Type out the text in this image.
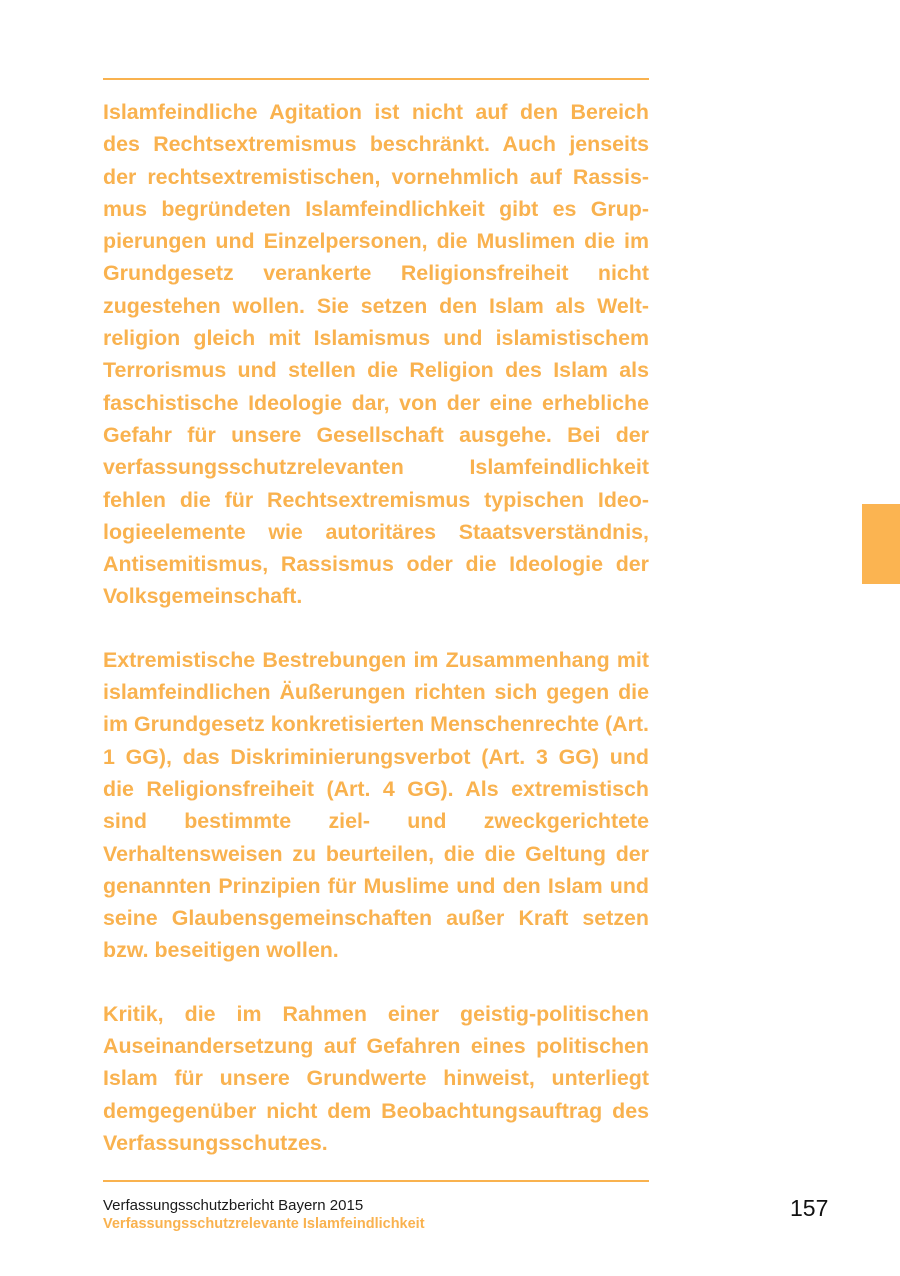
Islamfeindliche Agitation ist nicht auf den Bereich des Rechtsextremismus beschränkt. Auch jenseits der rechtsextremistischen, vornehmlich auf Rassismus begründeten Islamfeindlichkeit gibt es Gruppierungen und Einzelpersonen, die Muslimen die im Grundgesetz verankerte Religionsfreiheit nicht zugestehen wollen. Sie setzen den Islam als Weltreligion gleich mit Islamismus und islamistischem Terrorismus und stellen die Religion des Islam als faschistische Ideologie dar, von der eine erhebliche Gefahr für unsere Gesellschaft ausgehe. Bei der verfassungsschutzrelevanten Islamfeindlichkeit fehlen die für Rechtsextremismus typischen Ideologieelemente wie autoritäres Staatsverständnis, Antisemitismus, Rassismus oder die Ideologie der Volksgemeinschaft.

Extremistische Bestrebungen im Zusammenhang mit islamfeindlichen Äußerungen richten sich gegen die im Grundgesetz konkretisierten Menschenrechte (Art. 1 GG), das Diskriminierungsverbot (Art. 3 GG) und die Religionsfreiheit (Art. 4 GG). Als extremistisch sind bestimmte ziel- und zweckgerichtete Verhaltensweisen zu beurteilen, die die Geltung der genannten Prinzipien für Muslime und den Islam und seine Glaubensgemeinschaften außer Kraft setzen bzw. beseitigen wollen.

Kritik, die im Rahmen einer geistig-politischen Auseinandersetzung auf Gefahren eines politischen Islam für unsere Grundwerte hinweist, unterliegt demgegenüber nicht dem Beobachtungsauftrag des Verfassungsschutzes.

Verfassungsschutzbericht Bayern 2015
Verfassungsschutzrelevante Islamfeindlichkeit
157
